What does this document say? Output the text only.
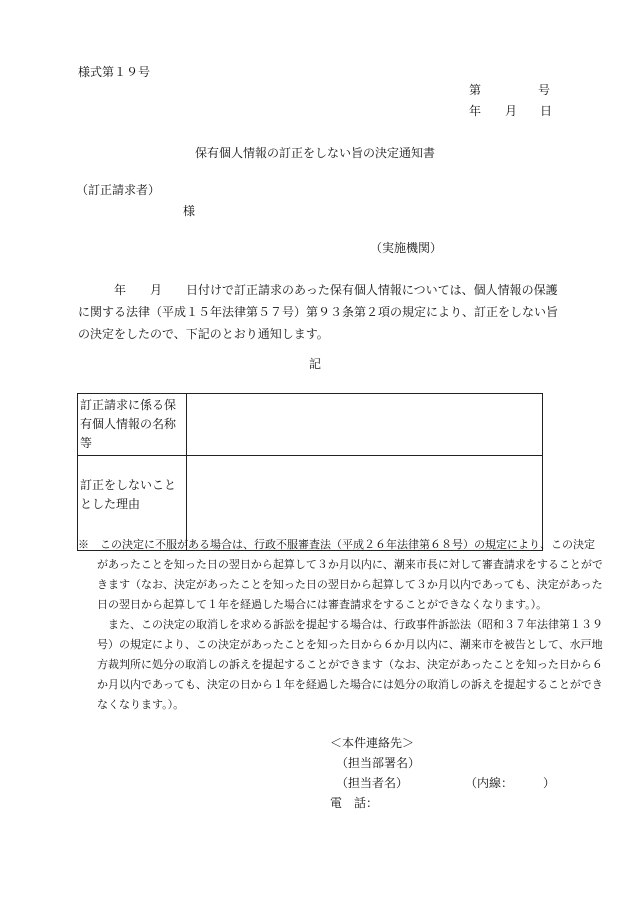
様式第１９号
第	号
年 月 日
保有個人情報の訂正をしない旨の決定通知書
（訂正請求者）
様
（実施機関）
　　　年　　月　　日付けで訂正請求のあった保有個人情報については、個人情報の保護
に関する法律（平成１５年法律第５７号）第９３条第２項の規定により、訂正をしない旨
の決定をしたので、下記のとおり通知します。
記
訂正請求に係る保
有個人情報の名称
等	

訂正をしないこと
とした理由	

※　この決定に不服がある場合は、行政不服審査法（平成２６年法律第６８号）の規定により、この決定
があったことを知った日の翌日から起算して３か月以内に、潮来市長に対して審査請求をすることがで
きます（なお、決定があったことを知った日の翌日から起算して３か月以内であっても、決定があった
日の翌日から起算して１年を経過した場合には審査請求をすることができなくなります。）。
また、この決定の取消しを求める訴訟を提起する場合は、行政事件訴訟法（昭和３７年法律第１３９
号）の規定により、この決定があったことを知った日から６か月以内に、潮来市を被告として、水戸地
方裁判所に処分の取消しの訴えを提起することができます（なお、決定があったことを知った日から６
か月以内であっても、決定の日から１年を経過した場合には処分の取消しの訴えを提起することができ
なくなります。）。
＜本件連絡先＞
（担当部署名）
（担当者名）
電　話：
（内線：　　　）
